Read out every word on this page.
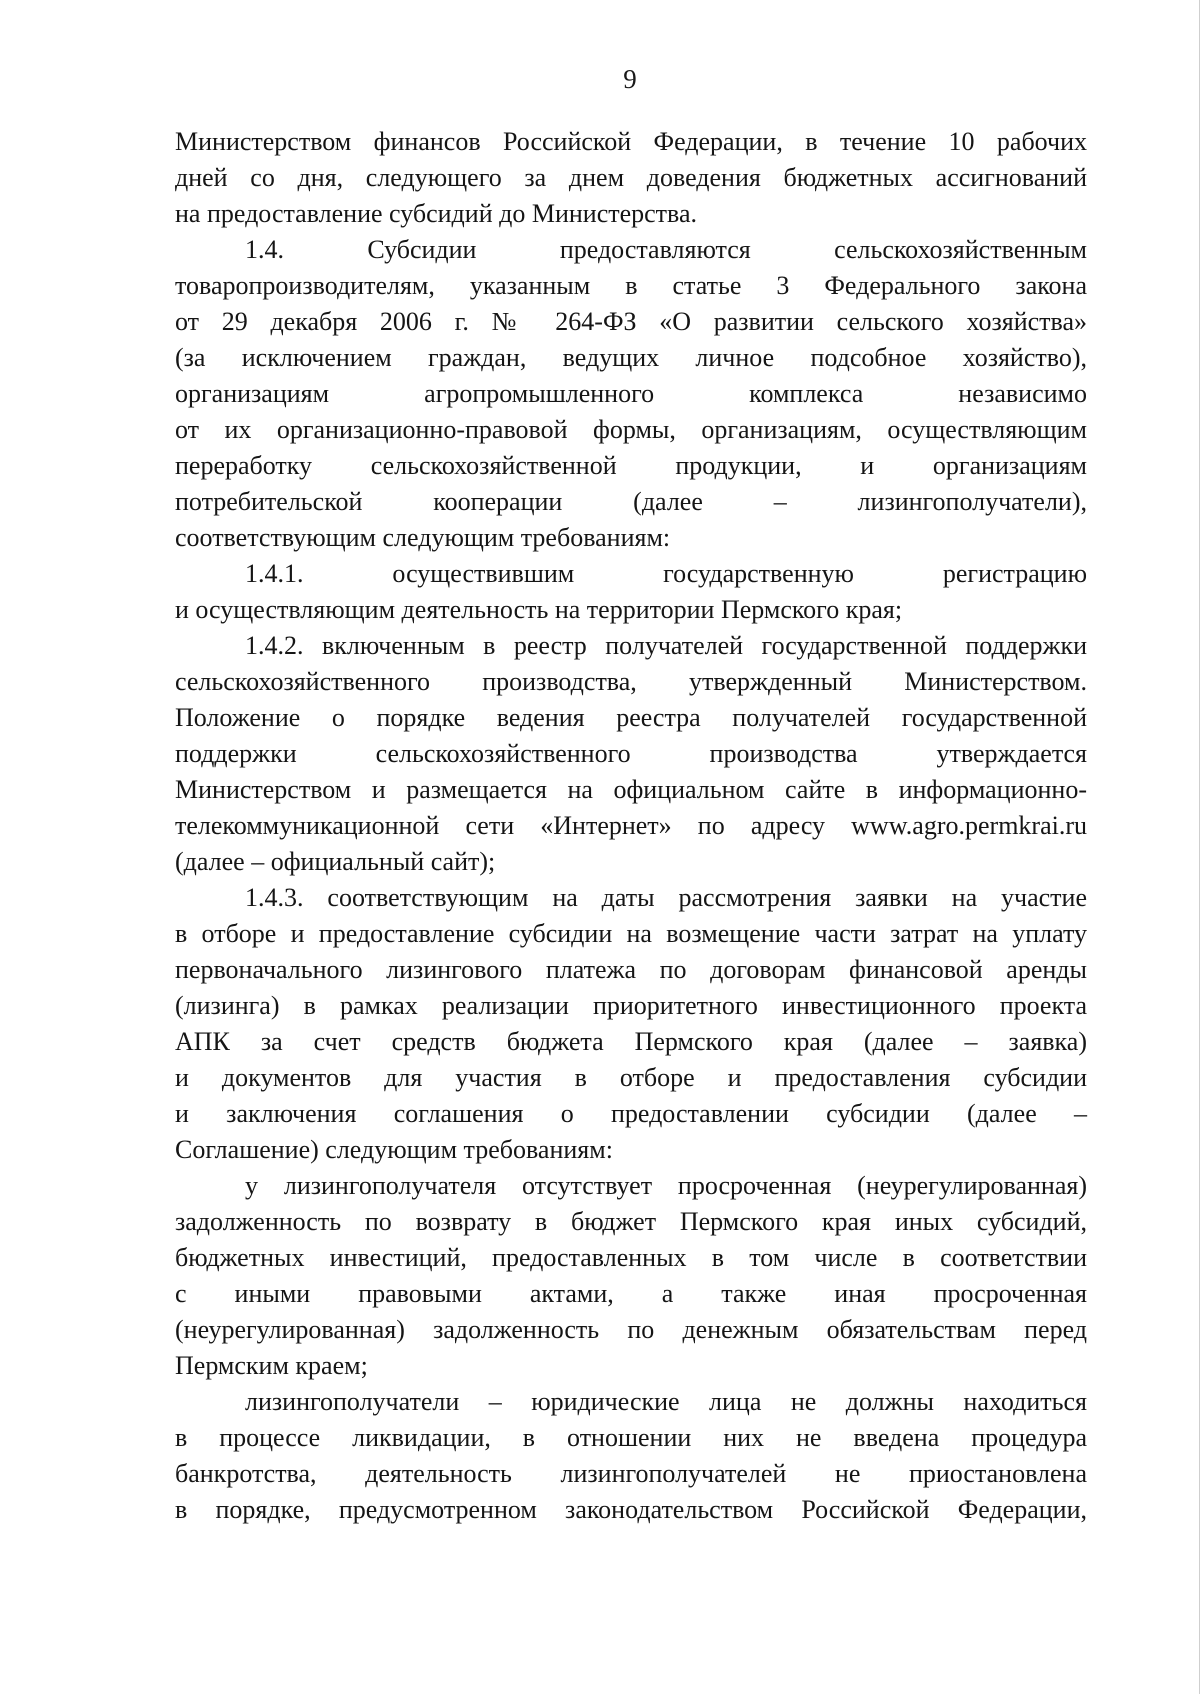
9
Министерством финансов Российской Федерации, в течение 10 рабочих
дней со дня, следующего за днем доведения бюджетных ассигнований
на предоставление субсидий до Министерства.
1.4. Субсидии предоставляются сельскохозяйственным
товаропроизводителям, указанным в статье 3 Федерального закона
от 29 декабря 2006 г. № 264-ФЗ «О развитии сельского хозяйства»
(за исключением граждан, ведущих личное подсобное хозяйство),
организациям агропромышленного комплекса независимо
от их организационно-правовой формы, организациям, осуществляющим
переработку сельскохозяйственной продукции, и организациям
потребительской кооперации (далее – лизингополучатели),
соответствующим следующим требованиям:
1.4.1. осуществившим государственную регистрацию
и осуществляющим деятельность на территории Пермского края;
1.4.2. включенным в реестр получателей государственной поддержки
сельскохозяйственного производства, утвержденный Министерством.
Положение о порядке ведения реестра получателей государственной
поддержки сельскохозяйственного производства утверждается
Министерством и размещается на официальном сайте в информационно-
телекоммуникационной сети «Интернет» по адресу www.agro.permkrai.ru
(далее – официальный сайт);
1.4.3. соответствующим на даты рассмотрения заявки на участие
в отборе и предоставление субсидии на возмещение части затрат на уплату
первоначального лизингового платежа по договорам финансовой аренды
(лизинга) в рамках реализации приоритетного инвестиционного проекта
АПК за счет средств бюджета Пермского края (далее – заявка)
и документов для участия в отборе и предоставления субсидии
и заключения соглашения о предоставлении субсидии (далее –
Соглашение) следующим требованиям:
у лизингополучателя отсутствует просроченная (неурегулированная)
задолженность по возврату в бюджет Пермского края иных субсидий,
бюджетных инвестиций, предоставленных в том числе в соответствии
с иными правовыми актами, а также иная просроченная
(неурегулированная) задолженность по денежным обязательствам перед
Пермским краем;
лизингополучатели – юридические лица не должны находиться
в процессе ликвидации, в отношении них не введена процедура
банкротства, деятельность лизингополучателей не приостановлена
в порядке, предусмотренном законодательством Российской Федерации,
